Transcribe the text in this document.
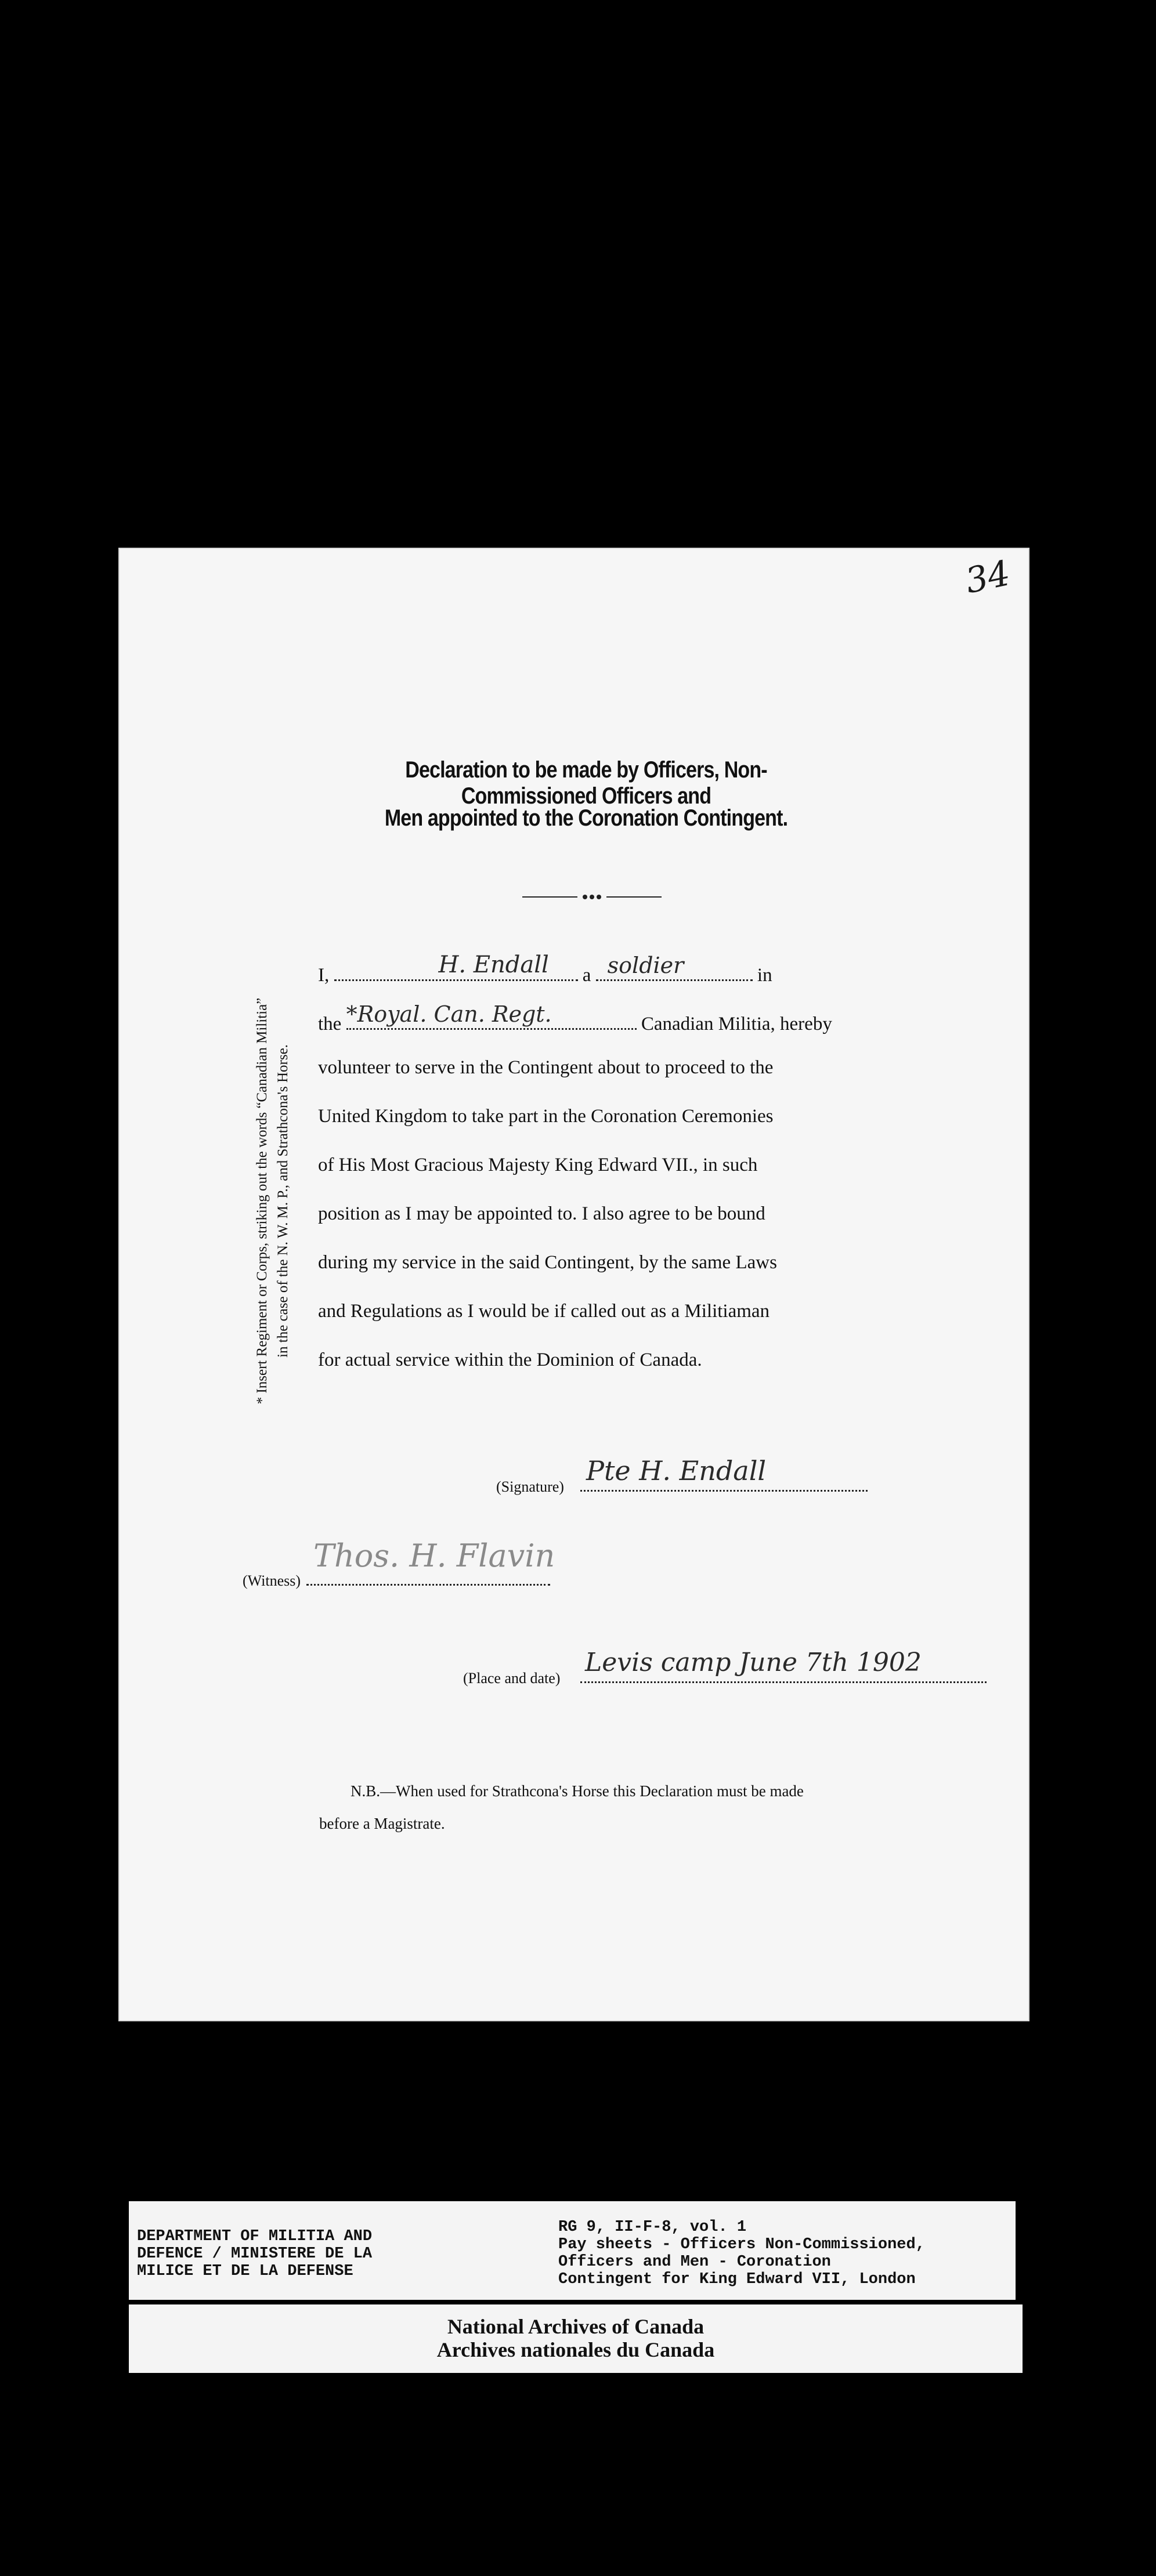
34
Declaration to be made by Officers, Non-Commissioned Officers and
Men appointed to the Coronation Contingent.
I,	H. Endall a soldier	in
the *Royal. Can. Regt.	Canadian Militia, hereby
volunteer to serve in the Contingent about to proceed to the
United Kingdom to take part in the Coronation Ceremonies
of His Most Gracious Majesty King Edward VII., in such
position as I may be appointed to. I also agree to be bound
during my service in the said Contingent, by the same Laws
and Regulations as I would be if called out as a Militiaman
for actual service within the Dominion of Canada.
* Insert Regiment or Corps, striking out the words “Canadian Militia” in the case of the N. W. M. P., and Strathcona's Horse.
(Signature)
Pte H. Endall
(Witness)
Thos. H. Flavin
(Place and date)
Levis camp June 7th 1902
N.B.—When used for Strathcona's Horse this Declaration must be made
before a Magistrate.
DEPARTMENT OF MILITIA AND
DEFENCE / MINISTERE DE LA
MILICE ET DE LA DEFENSE
RG 9, II-F-8, vol. 1
Pay sheets - Officers Non-Commissioned,
Officers and Men - Coronation
Contingent for King Edward VII, London
National Archives of Canada
Archives nationales du Canada
